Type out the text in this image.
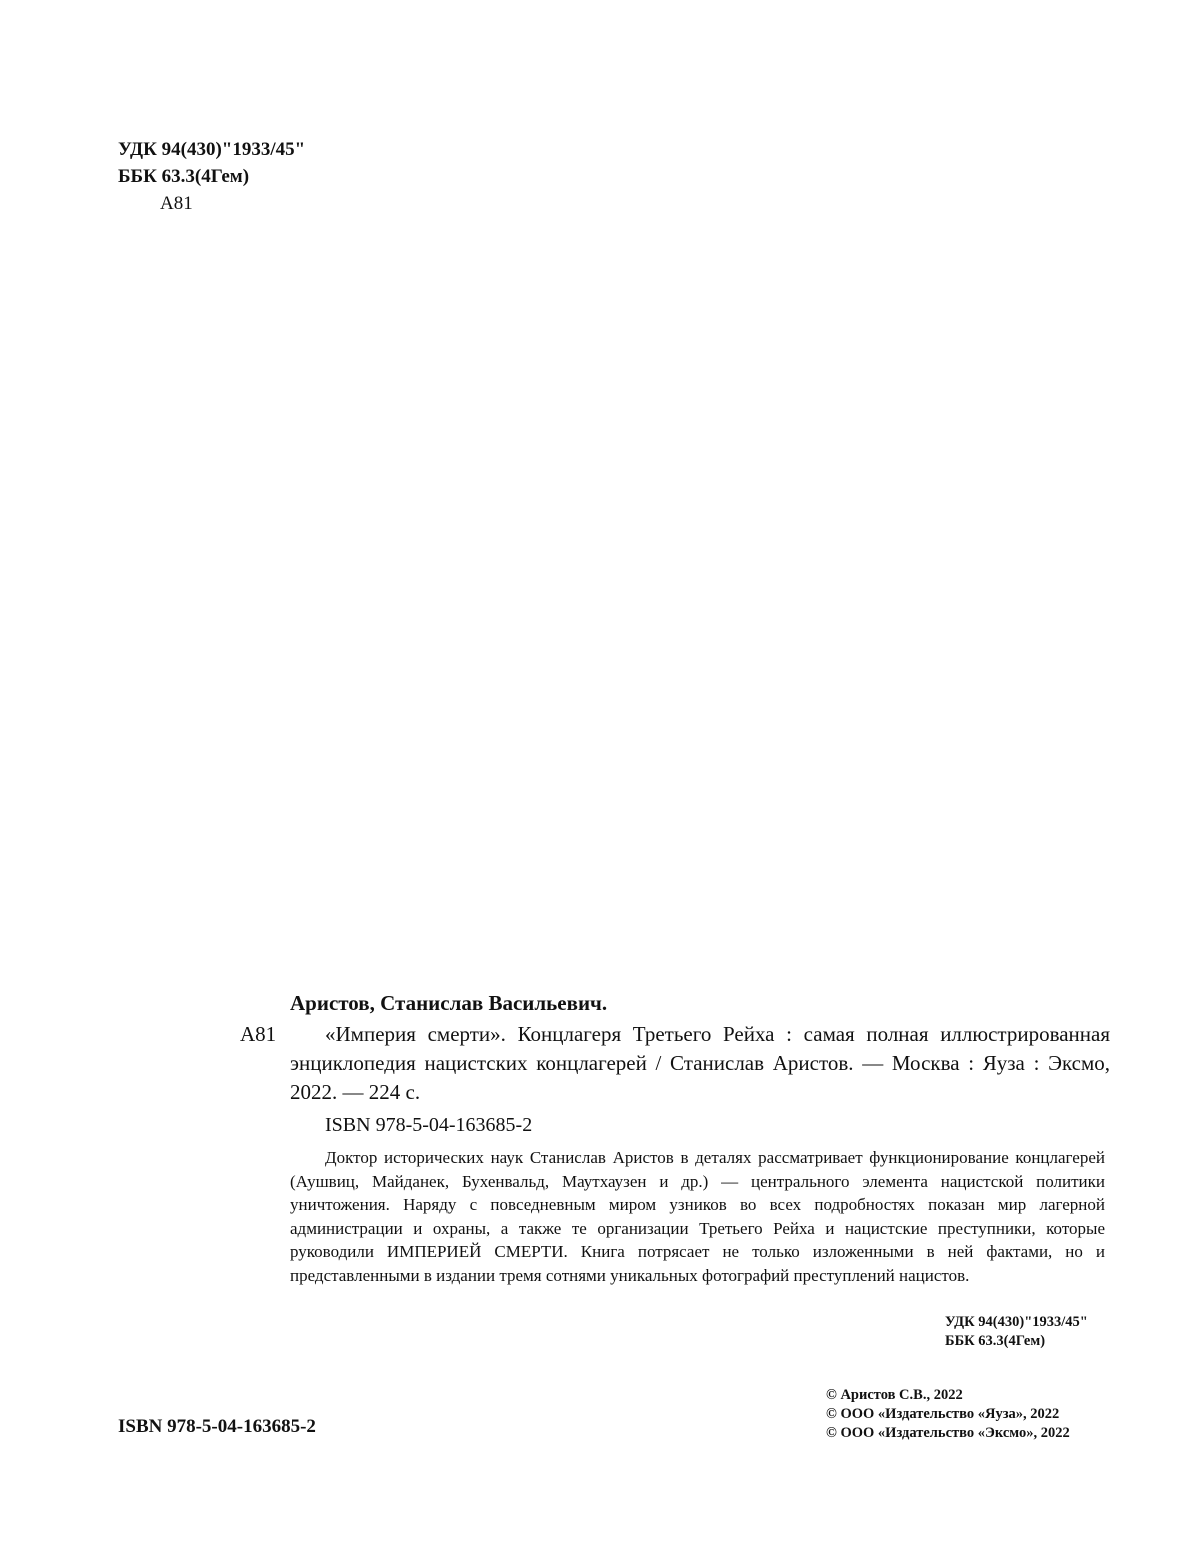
УДК 94(430)"1933/45"
ББК 63.3(4Гем)
А81
Аристов, Станислав Васильевич.
А81	«Империя смерти». Концлагеря Третьего Рейха : самая полная иллюстрированная энциклопедия нацистских концлагерей / Станислав Аристов. — Москва : Яуза : Эксмо, 2022. — 224 с.
ISBN 978-5-04-163685-2

Доктор исторических наук Станислав Аристов в деталях рассматривает функционирование концлагерей (Аушвиц, Майданек, Бухенвальд, Маутхаузен и др.) — центрального элемента нацистской политики уничтожения. Наряду с повседневным миром узников во всех подробностях показан мир лагерной администрации и охраны, а также те организации Третьего Рейха и нацистские преступники, которые руководили ИМПЕРИЕЙ СМЕРТИ. Книга потрясает не только изложенными в ней фактами, но и представленными в издании тремя сотнями уникальных фотографий преступлений нацистов.

УДК 94(430)"1933/45"
ББК 63.3(4Гем)
© Аристов С.В., 2022
© ООО «Издательство «Яуза», 2022
© ООО «Издательство «Эксмо», 2022
ISBN 978-5-04-163685-2
